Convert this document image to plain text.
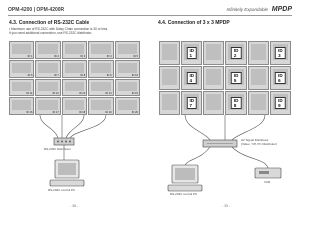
OPM-4200 | OPM-4200R	Infinitely Expandable MPDP
4.3. Connection of RS-232C Cable
• Maximum use of RS-232C with Daisy Chain connection is 30 or less.
If you need additional connection, use RS-232C distributor.
ID 1	ID 2	ID 3	ID 4	ID 5
ID 6	ID 7	ID 8	ID 9	ID 10
ID 11	ID 12	ID 13	ID 14	ID 15
ID 16	ID 17	ID 18	ID 19	ID 20
4.4. Connection of 3 x 3 MPDP
ID 1
ID 2
ID 3
ID 4
ID 5
ID 6
ID 7
ID 8
ID 9
RS-232C Distributor
RS-232C control PC
AV Signal Distributor
(Video, Y/P, PC Distributor)
RS-232C control PC
VCR
- 38 -	- 39 -
